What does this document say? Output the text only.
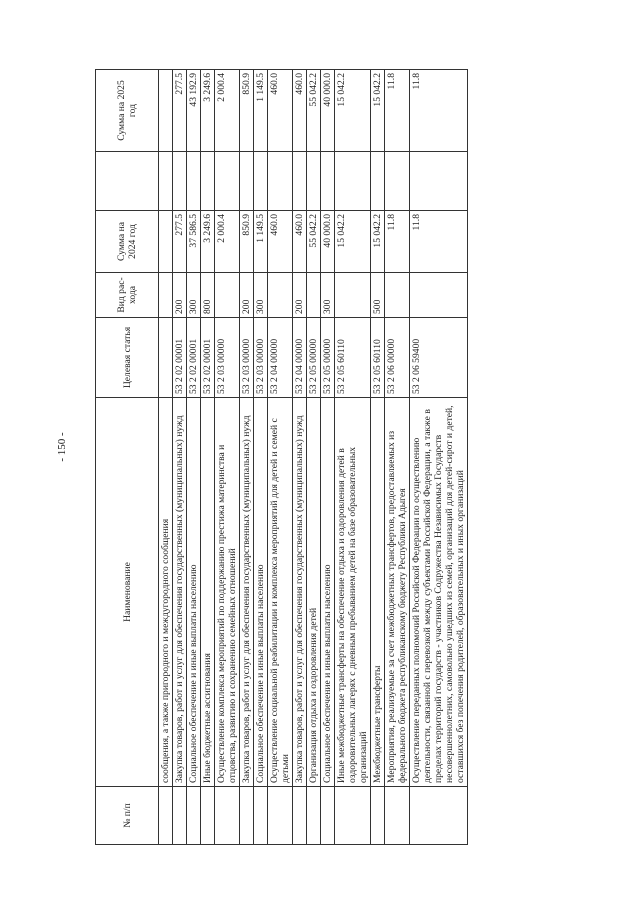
- 150 -
№ п/п	Наименование	Целевая статья	Вид рас-хода	Сумма на 2024 год		Сумма на 2025 год
	сообщения, а также пригородного и междугородного сообщения					
	Закупка товаров, работ и услуг для обеспечения государственных (муниципальных) нужд	53 2 02 00001	200	277.5		277.5
	Социальное обеспечение и иные выплаты населению	53 2 02 00001	300	37 586.5		43 192.9
	Иные бюджетные ассигнования	53 2 02 00001	800	3 249.6		3 249.6
	Осуществление комплекса мероприятий по поддержанию престижа материнства и отцовства, развитию и сохранению семейных отношений	53 2 03 00000		2 000.4		2 000.4
	Закупка товаров, работ и услуг для обеспечения государственных (муниципальных) нужд	53 2 03 00000	200	850.9		850.9
	Социальное обеспечение и иные выплаты населению	53 2 03 00000	300	1 149.5		1 149.5
	Осуществление социальной реабилитации и комплекса мероприятий для детей и семей с детьми	53 2 04 00000		460.0		460.0
	Закупка товаров, работ и услуг для обеспечения государственных (муниципальных) нужд	53 2 04 00000	200	460.0		460.0
	Организация отдыха и оздоровления детей	53 2 05 00000		55 042.2		55 042.2
	Социальное обеспечение и иные выплаты населению	53 2 05 00000	300	40 000.0		40 000.0
	Иные межбюджетные трансферты на обеспечение отдыха и оздоровления детей в оздоровительных лагерях с дневным пребыванием детей на базе образовательных организаций	53 2 05 60110		15 042.2		15 042.2
	Межбюджетные трансферты	53 2 05 60110	500	15 042.2		15 042.2
	Мероприятия, реализуемые за счет межбюджетных трансфертов, предоставляемых из федерального бюджета республиканскому бюджету Республики Адыгея	53 2 06 00000		11.8		11.8
	Осуществление переданных полномочий Российской Федерации по осуществлению деятельности, связанной с перевозкой между субъектами Российской Федерации, а также в пределах территорий государств - участников Содружества Независимых Государств несовершеннолетних, самовольно ушедших из семей, организаций для детей-сирот и детей, оставшихся без попечения родителей, образовательных и иных организаций	53 2 06 59400		11.8		11.8
